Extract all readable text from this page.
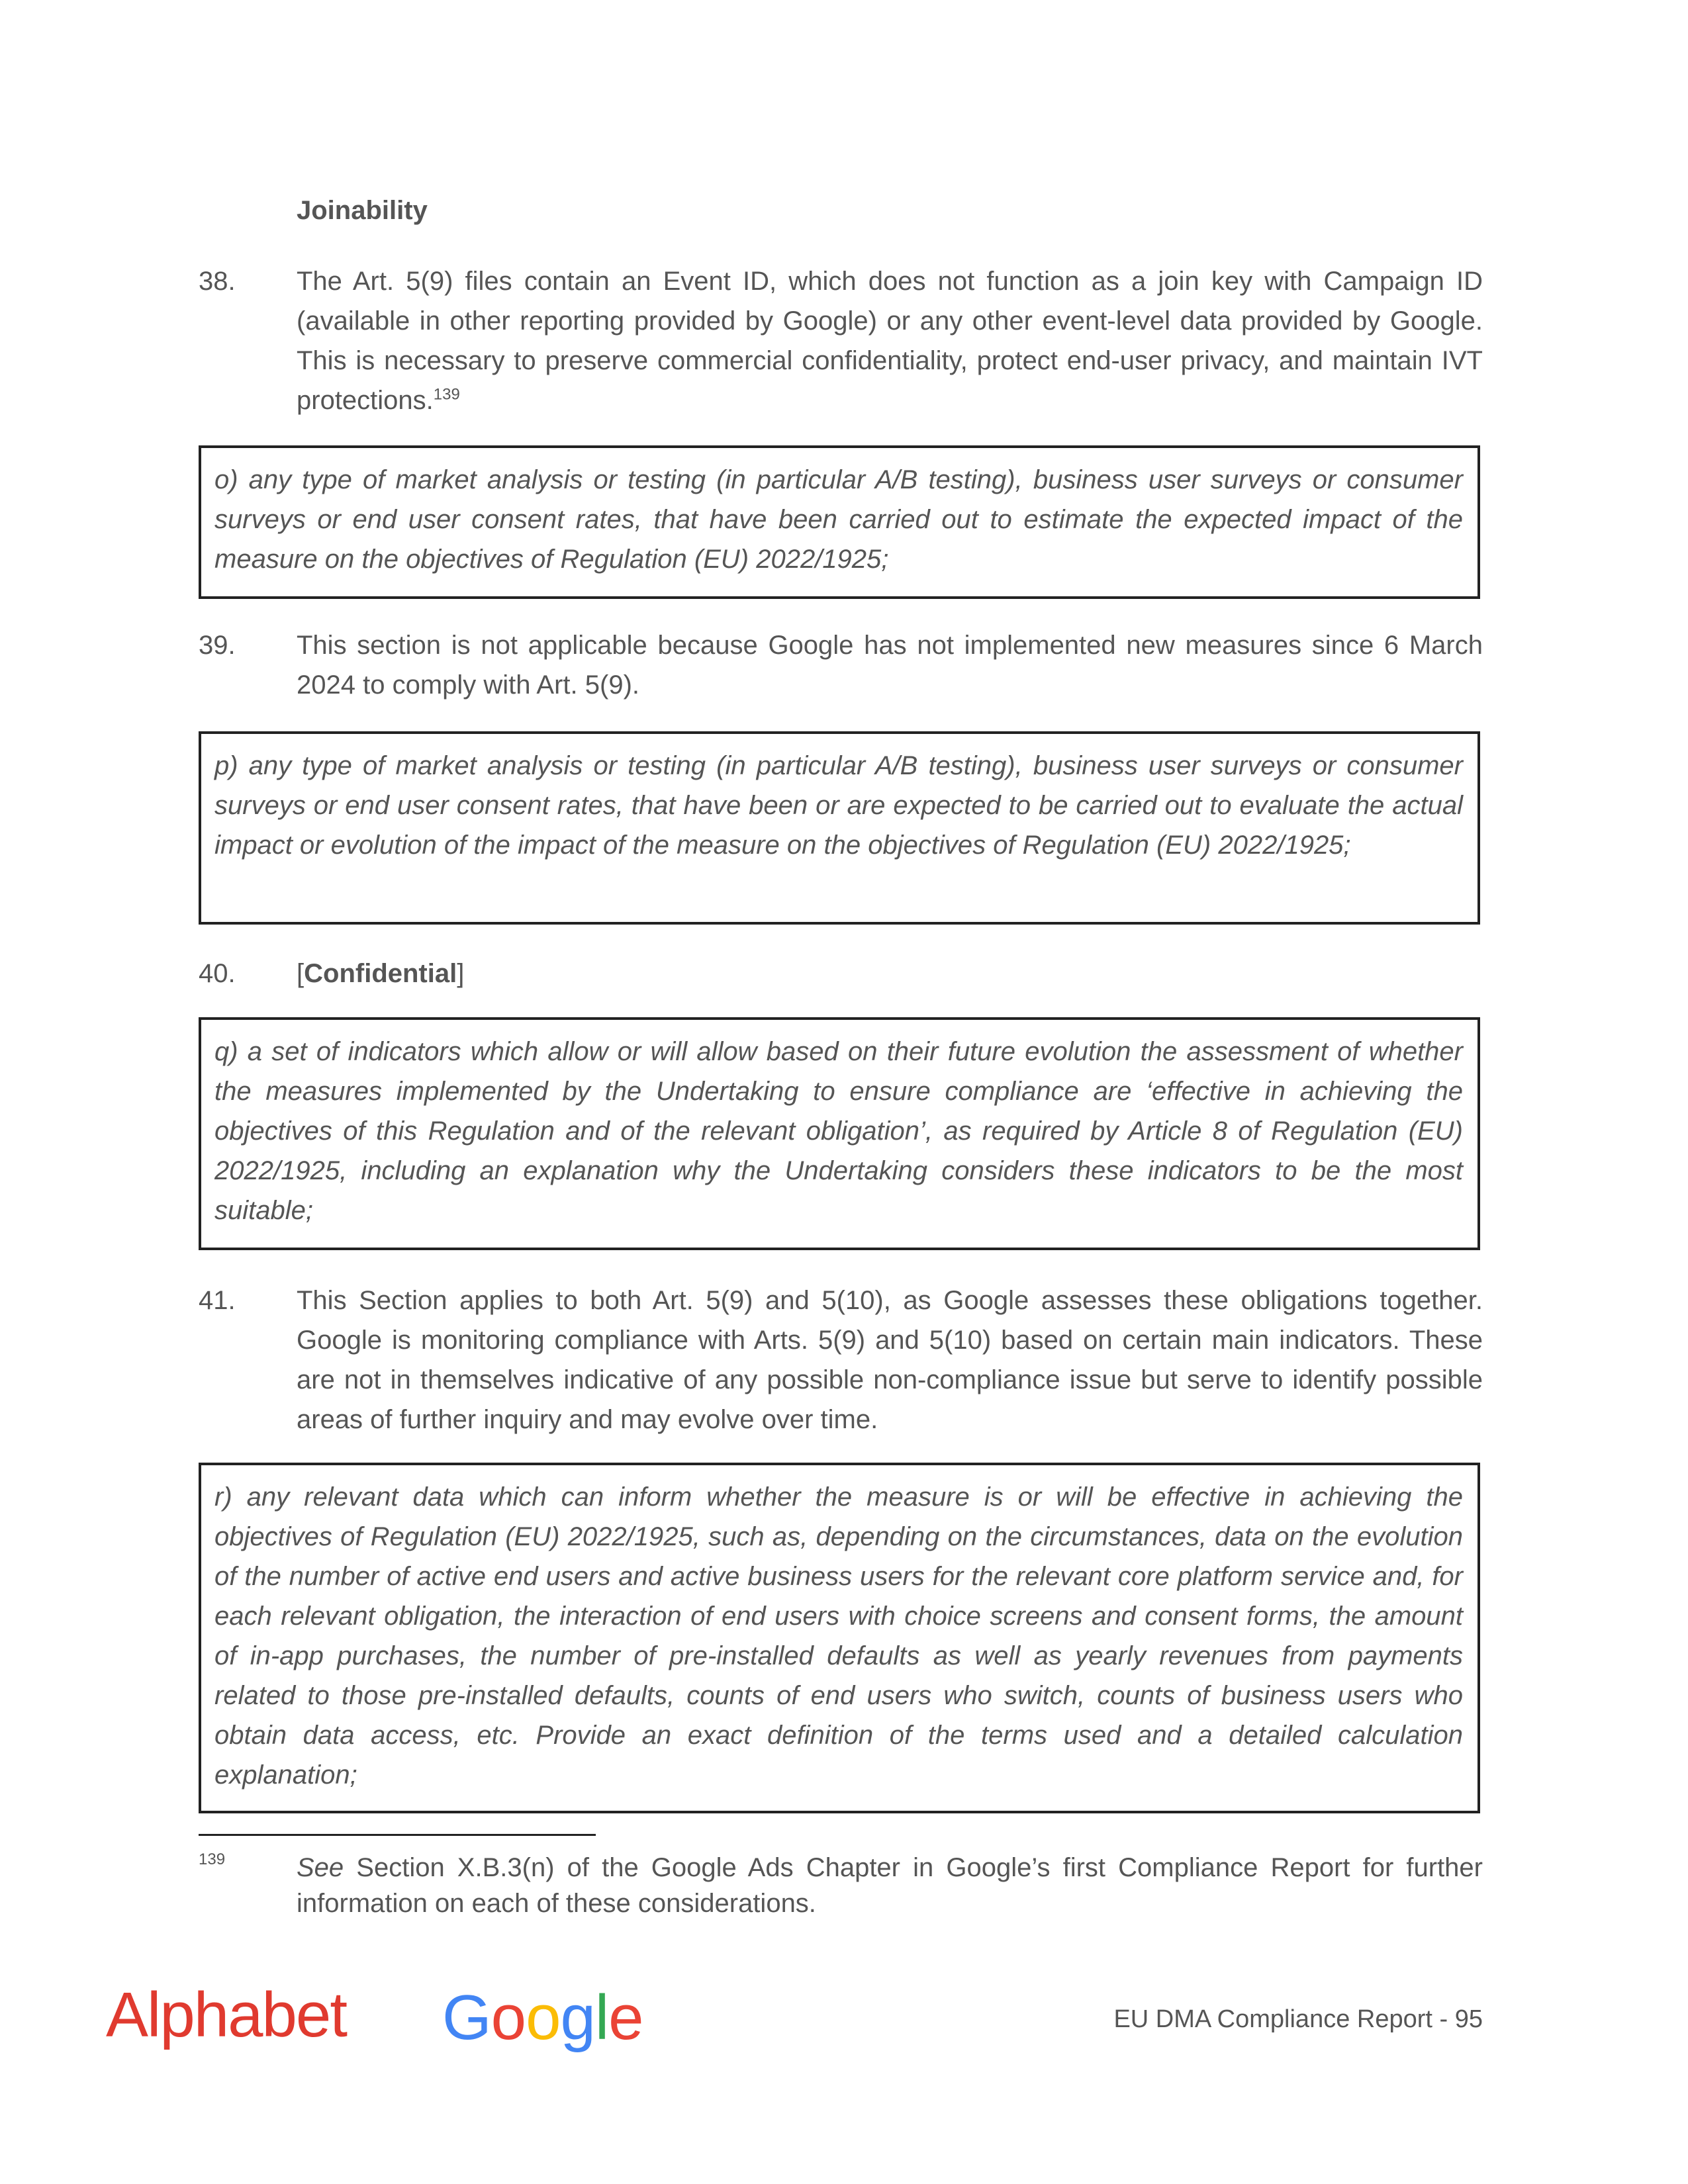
Joinability
38.	The Art. 5(9) files contain an Event ID, which does not function as a join key with Campaign ID (available in other reporting provided by Google) or any other event-level data provided by Google. This is necessary to preserve commercial confidentiality, protect end-user privacy, and maintain IVT protections.$^{139}$
o) any type of market analysis or testing (in particular A/B testing), business user surveys or consumer surveys or end user consent rates, that have been carried out to estimate the expected impact of the measure on the objectives of Regulation (EU) 2022/1925;
39.	This section is not applicable because Google has not implemented new measures since 6 March 2024 to comply with Art. 5(9).
p) any type of market analysis or testing (in particular A/B testing), business user surveys or consumer surveys or end user consent rates, that have been or are expected to be carried out to evaluate the actual impact or evolution of the impact of the measure on the objectives of Regulation (EU) 2022/1925;
40.	[Confidential]
q) a set of indicators which allow or will allow based on their future evolution the assessment of whether the measures implemented by the Undertaking to ensure compliance are ‘effective in achieving the objectives of this Regulation and of the relevant obligation’, as required by Article 8 of Regulation (EU) 2022/1925, including an explanation why the Undertaking considers these indicators to be the most suitable;
41.	This Section applies to both Art. 5(9) and 5(10), as Google assesses these obligations together. Google is monitoring compliance with Arts. 5(9) and 5(10) based on certain main indicators. These are not in themselves indicative of any possible non-compliance issue but serve to identify possible areas of further inquiry and may evolve over time.
r) any relevant data which can inform whether the measure is or will be effective in achieving the objectives of Regulation (EU) 2022/1925, such as, depending on the circumstances, data on the evolution of the number of active end users and active business users for the relevant core platform service and, for each relevant obligation, the interaction of end users with choice screens and consent forms, the amount of in-app purchases, the number of pre-installed defaults as well as yearly revenues from payments related to those pre-installed defaults, counts of end users who switch, counts of business users who obtain data access, etc. Provide an exact definition of the terms used and a detailed calculation explanation;
139	See Section X.B.3(n) of the Google Ads Chapter in Google’s first Compliance Report for further information on each of these considerations.
Alphabet Google	EU DMA Compliance Report - 95
